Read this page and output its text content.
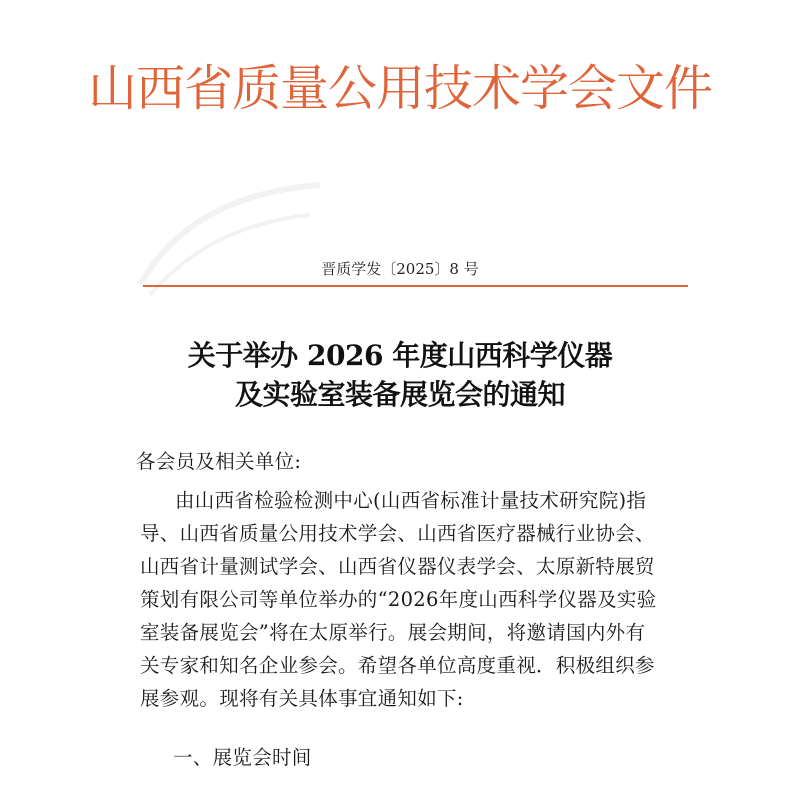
山西省质量公用技术学会文件
晋质学发〔2025〕8 号
关于举办 2026 年度山西科学仪器
及实验室装备展览会的通知
各会员及相关单位:
由山西省检验检测中心(山西省标准计量技术研究院)指
导、山西省质量公用技术学会、山西省医疗器械行业协会、
山西省计量测试学会、山西省仪器仪表学会、太原新特展贸
策划有限公司等单位举办的“2026年度山西科学仪器及实验
室装备展览会”将在太原举行。展会期间，将邀请国内外有
关专家和知名企业参会。希望各单位高度重视．积极组织参
展参观。现将有关具体事宜通知如下:
一、展览会时间
